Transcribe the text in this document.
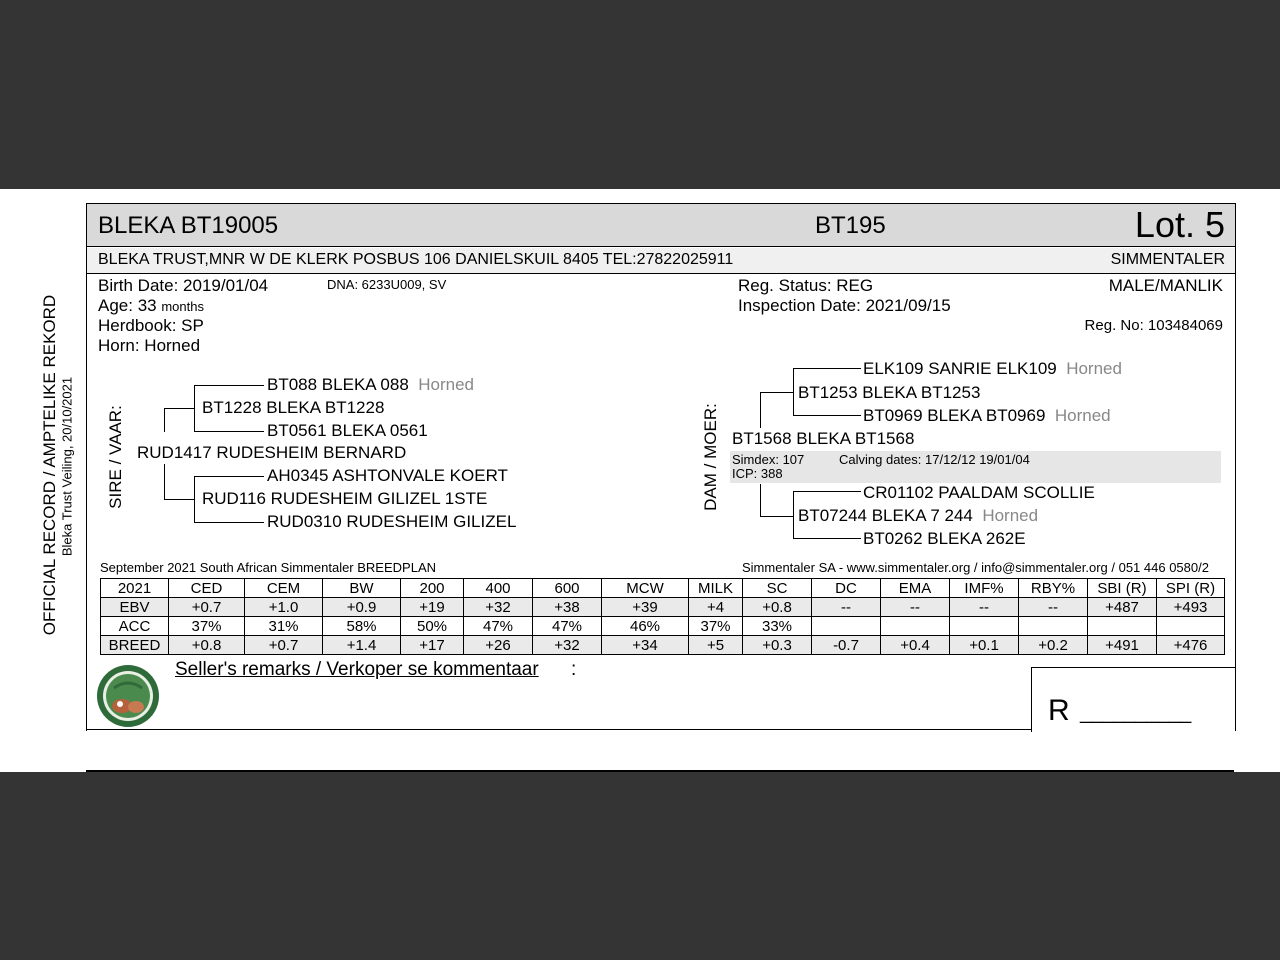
OFFICIAL RECORD / AMPTELIKE REKORD Bleka Trust Veiling, 20/10/2021
BLEKA BT19005	BT195	Lot. 5
BLEKA TRUST,MNR W DE KLERK POSBUS 106 DANIELSKUIL 8405 TEL:27822025911	SIMMENTALER
Birth Date: 2019/01/04	DNA: 6233U009, SV
Age: 33 months
Herdbook: SP
Horn: Horned
Reg. Status: REG
Inspection Date: 2021/09/15
MALE/MANLIK
Reg. No: 103484069
SIRE / VAAR:
BT088 BLEKA 088 Horned
BT1228 BLEKA BT1228
BT0561 BLEKA 0561
RUD1417 RUDESHEIM BERNARD
AH0345 ASHTONVALE KOERT
RUD116 RUDESHEIM GILIZEL 1STE
RUD0310 RUDESHEIM GILIZEL
DAM / MOER:
ELK109 SANRIE ELK109 Horned
BT1253 BLEKA BT1253
BT0969 BLEKA BT0969 Horned
BT1568 BLEKA BT1568
Simdex: 107	Calving dates: 17/12/12 19/01/04
ICP: 388
CR01102 PAALDAM SCOLLIE
BT07244 BLEKA 7 244 Horned
BT0262 BLEKA 262E
September 2021 South African Simmentaler BREEDPLAN	Simmentaler SA - www.simmentaler.org / info@simmentaler.org / 051 446 0580/2
2021	CED	CEM	BW	200	400	600	MCW	MILK	SC	DC	EMA	IMF%	RBY%	SBI (R)	SPI (R)
EBV	+0.7	+1.0	+0.9	+19	+32	+38	+39	+4	+0.8	--	--	--	--	+487	+493
ACC	37%	31%	58%	50%	47%	47%	46%	37%	33%						
BREED	+0.8	+0.7	+1.4	+17	+26	+32	+34	+5	+0.3	-0.7	+0.4	+0.1	+0.2	+491	+476
Seller's remarks / Verkoper se kommentaar :
R __________
